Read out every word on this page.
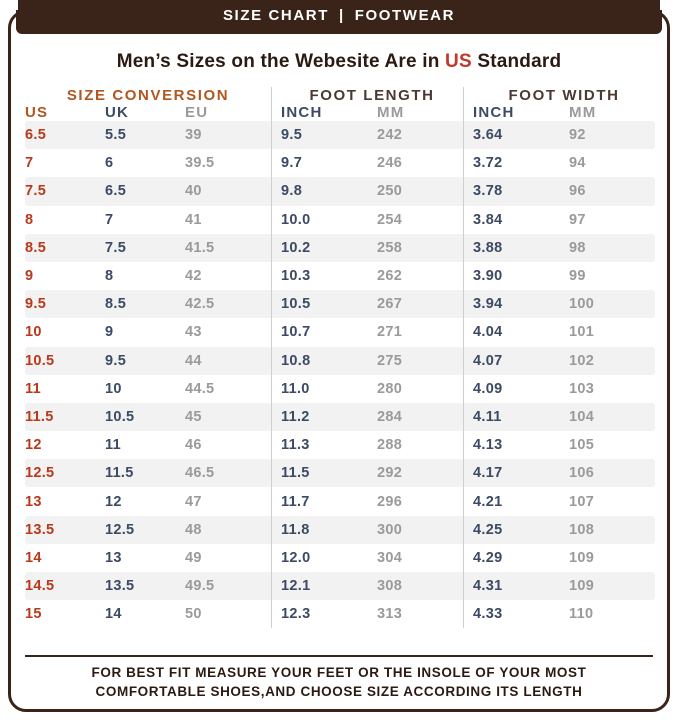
Men’s Sizes on the Webesite Are in US Standard
SIZE CONVERSION				FOOT LENGTH			FOOT WIDTH	
US	UK	EU		INCH	MM		INCH	MM
6.5	5.5	39		9.5	242		3.64	92
7	6	39.5		9.7	246		3.72	94
7.5	6.5	40		9.8	250		3.78	96
8	7	41		10.0	254		3.84	97
8.5	7.5	41.5		10.2	258		3.88	98
9	8	42		10.3	262		3.90	99
9.5	8.5	42.5		10.5	267		3.94	100
10	9	43		10.7	271		4.04	101
10.5	9.5	44		10.8	275		4.07	102
11	10	44.5		11.0	280		4.09	103
11.5	10.5	45		11.2	284		4.11	104
12	11	46		11.3	288		4.13	105
12.5	11.5	46.5		11.5	292		4.17	106
13	12	47		11.7	296		4.21	107
13.5	12.5	48		11.8	300		4.25	108
14	13	49		12.0	304		4.29	109
14.5	13.5	49.5		12.1	308		4.31	109
15	14	50		12.3	313		4.33	110
FOR BEST FIT MEASURE YOUR FEET OR THE INSOLE OF YOUR MOST
COMFORTABLE SHOES,AND CHOOSE SIZE ACCORDING ITS LENGTH
SIZE CHART | FOOTWEAR
